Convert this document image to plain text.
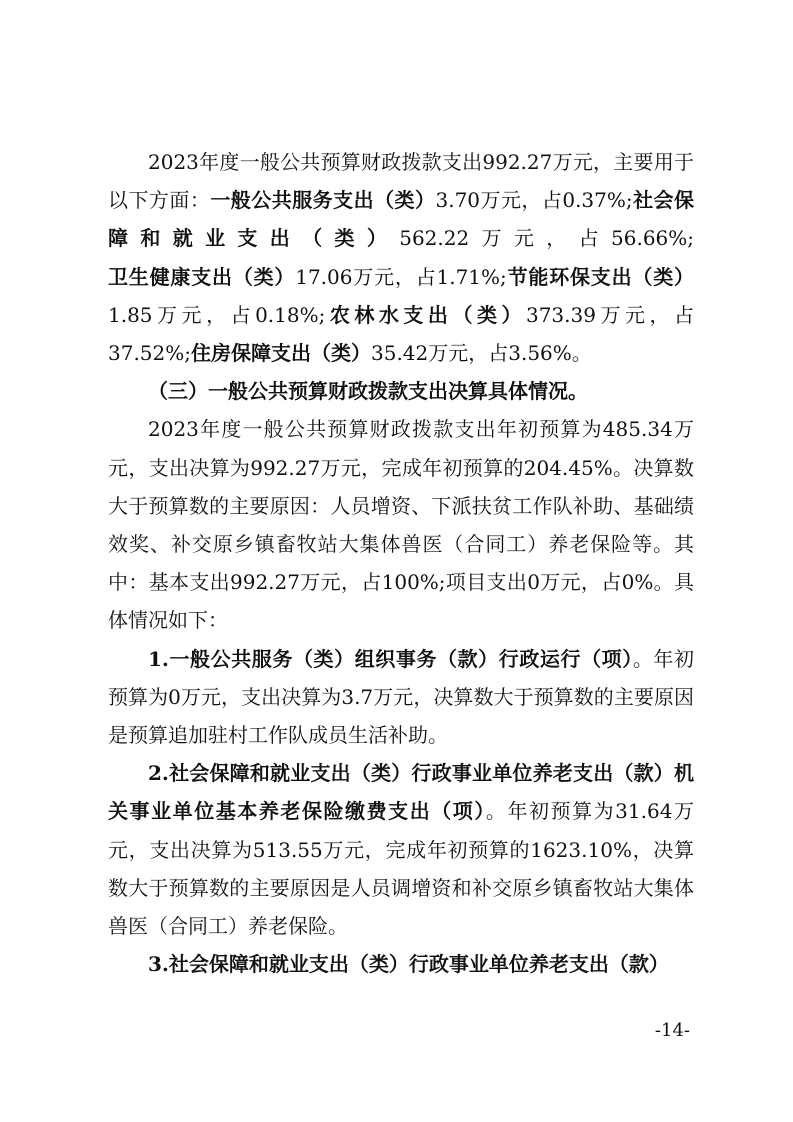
2023年度一般公共预算财政拨款支出992.27万元，主要用于以下方面：一般公共服务支出（类）3.70万元，占0.37%;社会保障和就业支出（类）562.22万元，占56.66%;卫生健康支出（类）17.06万元，占1.71%;节能环保支出（类）1.85万元，占0.18%;农林水支出（类）373.39万元，占37.52%;住房保障支出（类）35.42万元，占3.56%。

（三）一般公共预算财政拨款支出决算具体情况。

2023年度一般公共预算财政拨款支出年初预算为485.34万元，支出决算为992.27万元，完成年初预算的204.45%。决算数大于预算数的主要原因：人员增资、下派扶贫工作队补助、基础绩效奖、补交原乡镇畜牧站大集体兽医（合同工）养老保险等。其中：基本支出992.27万元，占100%;项目支出0万元，占0%。具体情况如下：

1.一般公共服务（类）组织事务（款）行政运行（项）。年初预算为0万元，支出决算为3.7万元，决算数大于预算数的主要原因是预算追加驻村工作队成员生活补助。

2.社会保障和就业支出（类）行政事业单位养老支出（款）机关事业单位基本养老保险缴费支出（项）。年初预算为31.64万元，支出决算为513.55万元，完成年初预算的1623.10%，决算数大于预算数的主要原因是人员调增资和补交原乡镇畜牧站大集体兽医（合同工）养老保险。

3.社会保障和就业支出（类）行政事业单位养老支出（款）

-14-
